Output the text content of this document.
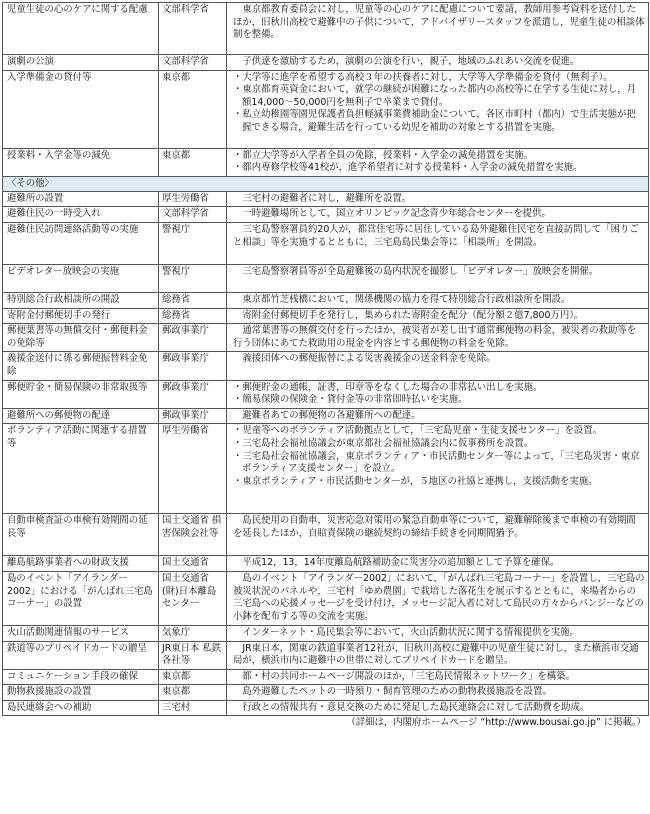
児童生徒の心のケアに関する配慮	文部科学省	東京都教育委員会に対し，児童等の心のケアに配慮について要請，教師用参考資料を送付したほか，旧秋川高校で避難中の子供について，アドバイザリースタッフを派遣し，児童生徒の相談体制を整備。

演劇の公演	文部科学省	子供達を激励するため，演劇の公演を行い，親子，地域のふれあい交流を促進。

入学準備金の貸付等	東京都	・大学等に進学を希望する高校３年の扶養者に対し，大学等入学準備金を貸付（無利子）。
・東京都育英資金において，就学の継続が困難になった都内の高校等に在学する生徒に対し，月額14,000〜50,000円を無利子で卒業まで貸付。
・私立幼稚園等園児保護者負担軽減事業費補助金について，各区市町村（都内）で生活実態が把握できる場合，避難生活を行っている幼児を補助の対象とする措置を実施。

授業料・入学金等の減免	東京都	・都立大学等が入学者全員の免除，授業料・入学金の減免措置を実施。
・都内専修学校等41校が，進学希望者に対する授業料・入学金の減免措置を実施。

〈その他〉		
避難所の設置	厚生労働省	三宅村の避難者に対し，避難所を設置。

避難住民の一時受入れ	文部科学省	一時避難場所として，国立オリンピック記念青少年総合センターを提供。

避難住民訪問連絡活動等の実施	警視庁	三宅島警察署員約20人が，都営住宅等に居住している島外避難住民宅を直接訪問して「困りごと相談」等を実施するとともに，三宅島島民集会等に「相談所」を開設。

ビデオレター放映会の実施	警視庁	三宅島警察署員等が全島避難後の島内状況を撮影し「ビデオレター」放映会を開催。

特別総合行政相談所の開設	総務省	東京都竹芝桟橋において，関係機関の協力を得て特別総合行政相談所を開設。

寄附金付郵便切手の発行	総務省	寄附金付郵便切手を発行し，集められた寄附金を配分（配分額２億7,800万円）。

郵便葉書等の無償交付・郵便料金の免除等	郵政事業庁	通常葉書等の無償交付を行ったほか，被災者が差し出す通常郵便物の料金，被災者の救助等を行う団体にあてた救助用の現金を内容とする郵便物の料金を免除。

義援金送付に係る郵便振替料金免除	郵政事業庁	義援団体への郵便振替による災害義援金の送金料金を免除。

郵便貯金・簡易保険の非常取扱等	郵政事業庁	・郵便貯金の通帳，証書，印章等をなくした場合の非常払い出しを実施。
・簡易保険の保険金・貸付金等の非常即時払いを実施。

避難所への郵便物の配達	郵政事業庁	避難者あての郵便物の各避難所への配達。

ボランティア活動に関連する措置等	厚生労働省	・児童等へのボランティア活動拠点として，「三宅島児童・生徒支援センター」を設置。
・三宅島社会福祉協議会が東京都社会福祉協議会内に仮事務所を設置。
・三宅島社会福祉協議会，東京ボランティア・市民活動センター等によって，「三宅島災害・東京ボランティア支援センター」を設立。
・東京ボランティア・市民活動センターが，５地区の社協と連携し，支援活動を実施。

自動車検査証の車検有効期間の延長等	国土交通省 損害保険会社等	島民使用の自動車，災害応急対策用の緊急自動車等について，避難解除後まで車検の有効期間を延長したほか，自賠責保険の継続契約の締結手続きを同期間猶予。

離島航路事業者への財政支援	国土交通省	平成12，13，14年度離島航路補助金に災害分の追加額として予算を確保。

島のイベント「アイランダー2002」における「がんばれ三宅島コーナー」の設置	国土交通省 (財)日本離島センター	島のイベント「アイランダー2002」において，「がんばれ三宅島コーナー」を設置し，三宅島の被災状況のパネルや，三宅村「ゆめ農園」で栽培した落花生を展示するとともに，来場者からの三宅島への応援メッセージを受け付け，メッセージ記入者に対して島民の方々からパンジーなどの小鉢を配布する等の交流を実施。

火山活動関連情報のサービス	気象庁	インターネット・島民集会等において，火山活動状況に関する情報提供を実施。

鉄道等のプリペイドカードの贈呈	JR東日本 私鉄各社等	JR東日本，関東の鉄道事業者12社が，旧秋川高校に避難中の児童生徒に対し，また横浜市交通局が，横浜市内に避難中の世帯に対してプリペイドカードを贈呈。

コミュニケーション手段の確保	東京都	都・村の共同ホームページ開設のほか，「三宅島民情報ネットワーク」を構築。

動物救援施設の設置	東京都	島外避難したペットの一時預り・飼育管理のための動物救援施設を設置。

島民連絡会への補助	三宅村	行政との情報共有・意見交換のために発足した島民連絡会に対して活動費を助成。
（詳細は，内閣府ホームページ “http://www.bousai.go.jp” に掲載。）
